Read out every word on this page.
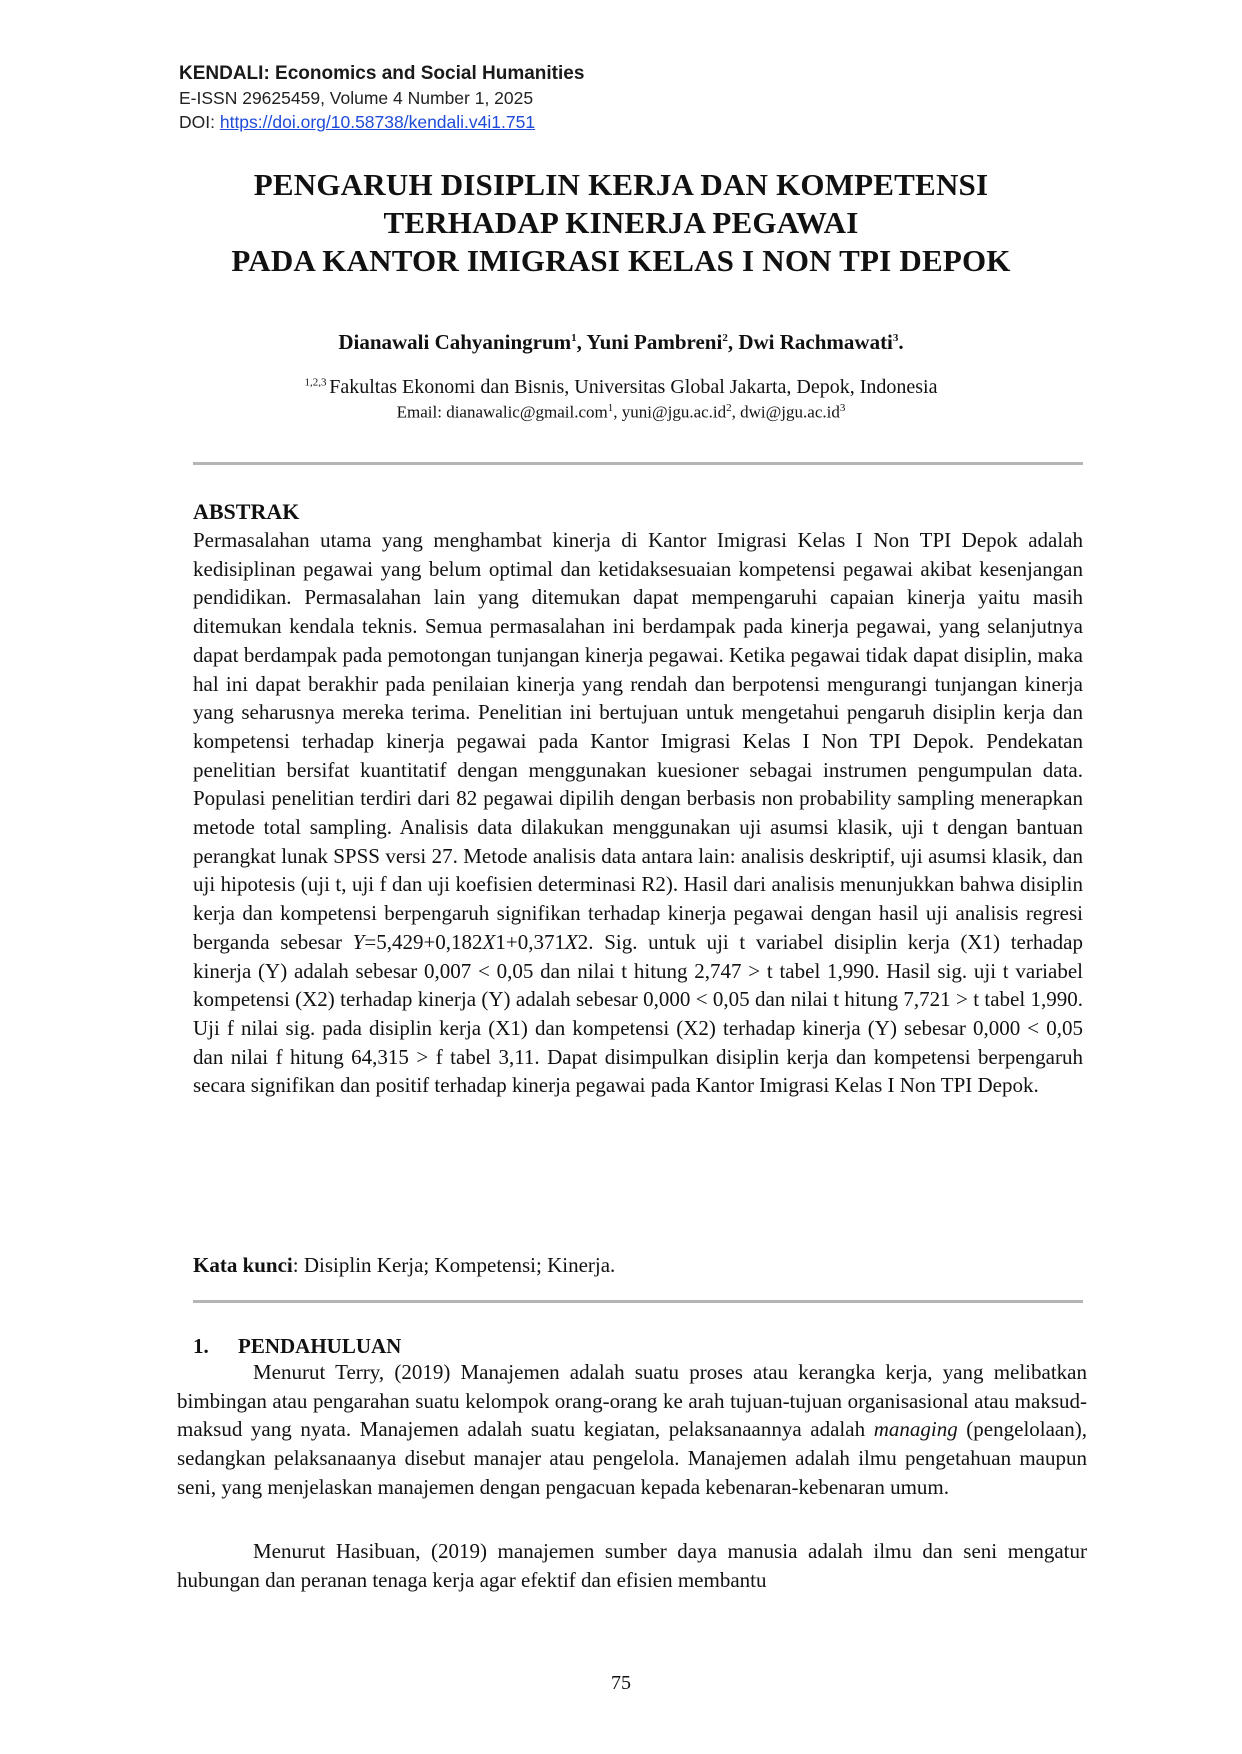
KENDALI: Economics and Social Humanities
E-ISSN 29625459, Volume 4 Number 1, 2025
DOI: https://doi.org/10.58738/kendali.v4i1.751
PENGARUH DISIPLIN KERJA DAN KOMPETENSI
TERHADAP KINERJA PEGAWAI
PADA KANTOR IMIGRASI KELAS I NON TPI DEPOK
Dianawali Cahyaningrum$^1$, Yuni Pambreni$^2$, Dwi Rachmawati$^3$.
$^{1,2,3}$ Fakultas Ekonomi dan Bisnis, Universitas Global Jakarta, Depok, Indonesia
Email: dianawalic@gmail.com$^1$, $yuni@jgu.ac.id^2$, $dwi@jgu.ac.id^3$
ABSTRAK
Permasalahan utama yang menghambat kinerja di Kantor Imigrasi Kelas I Non TPI Depok adalah kedisiplinan pegawai yang belum optimal dan ketidaksesuaian kompetensi pegawai akibat kesenjangan pendidikan. Permasalahan lain yang ditemukan dapat mempengaruhi capaian kinerja yaitu masih ditemukan kendala teknis. Semua permasalahan ini berdampak pada kinerja pegawai, yang selanjutnya dapat berdampak pada pemotongan tunjangan kinerja pegawai. Ketika pegawai tidak dapat disiplin, maka hal ini dapat berakhir pada penilaian kinerja yang rendah dan berpotensi mengurangi tunjangan kinerja yang seharusnya mereka terima. Penelitian ini bertujuan untuk mengetahui pengaruh disiplin kerja dan kompetensi terhadap kinerja pegawai pada Kantor Imigrasi Kelas I Non TPI Depok. Pendekatan penelitian bersifat kuantitatif dengan menggunakan kuesioner sebagai instrumen pengumpulan data. Populasi penelitian terdiri dari 82 pegawai dipilih dengan berbasis non probability sampling menerapkan metode total sampling. Analisis data dilakukan menggunakan uji asumsi klasik, uji t dengan bantuan perangkat lunak SPSS versi 27. Metode analisis data antara lain: analisis deskriptif, uji asumsi klasik, dan uji hipotesis (uji t, uji f dan uji koefisien determinasi R2). Hasil dari analisis menunjukkan bahwa disiplin kerja dan kompetensi berpengaruh signifikan terhadap kinerja pegawai dengan hasil uji analisis regresi berganda sebesar Y=5,429+0,182X1+0,371X2. Sig. untuk uji t variabel disiplin kerja (X1) terhadap kinerja (Y) adalah sebesar 0,007 < 0,05 dan nilai t hitung 2,747 > t tabel 1,990. Hasil sig. uji t variabel kompetensi (X2) terhadap kinerja (Y) adalah sebesar 0,000 < 0,05 dan nilai t hitung 7,721 > t tabel 1,990. Uji f nilai sig. pada disiplin kerja (X1) dan kompetensi (X2) terhadap kinerja (Y) sebesar 0,000 < 0,05 dan nilai f hitung 64,315 > f tabel 3,11. Dapat disimpulkan disiplin kerja dan kompetensi berpengaruh secara signifikan dan positif terhadap kinerja pegawai pada Kantor Imigrasi Kelas I Non TPI Depok.
Kata kunci: Disiplin Kerja; Kompetensi; Kinerja.
1. PENDAHULUAN
Menurut Terry, (2019) Manajemen adalah suatu proses atau kerangka kerja, yang melibatkan bimbingan atau pengarahan suatu kelompok orang-orang ke arah tujuan-tujuan organisasional atau maksud-maksud yang nyata. Manajemen adalah suatu kegiatan, pelaksanaannya adalah managing (pengelolaan), sedangkan pelaksanaanya disebut manajer atau pengelola. Manajemen adalah ilmu pengetahuan maupun seni, yang menjelaskan manajemen dengan pengacuan kepada kebenaran-kebenaran umum.
Menurut Hasibuan, (2019) manajemen sumber daya manusia adalah ilmu dan seni mengatur hubungan dan peranan tenaga kerja agar efektif dan efisien membantu
75
